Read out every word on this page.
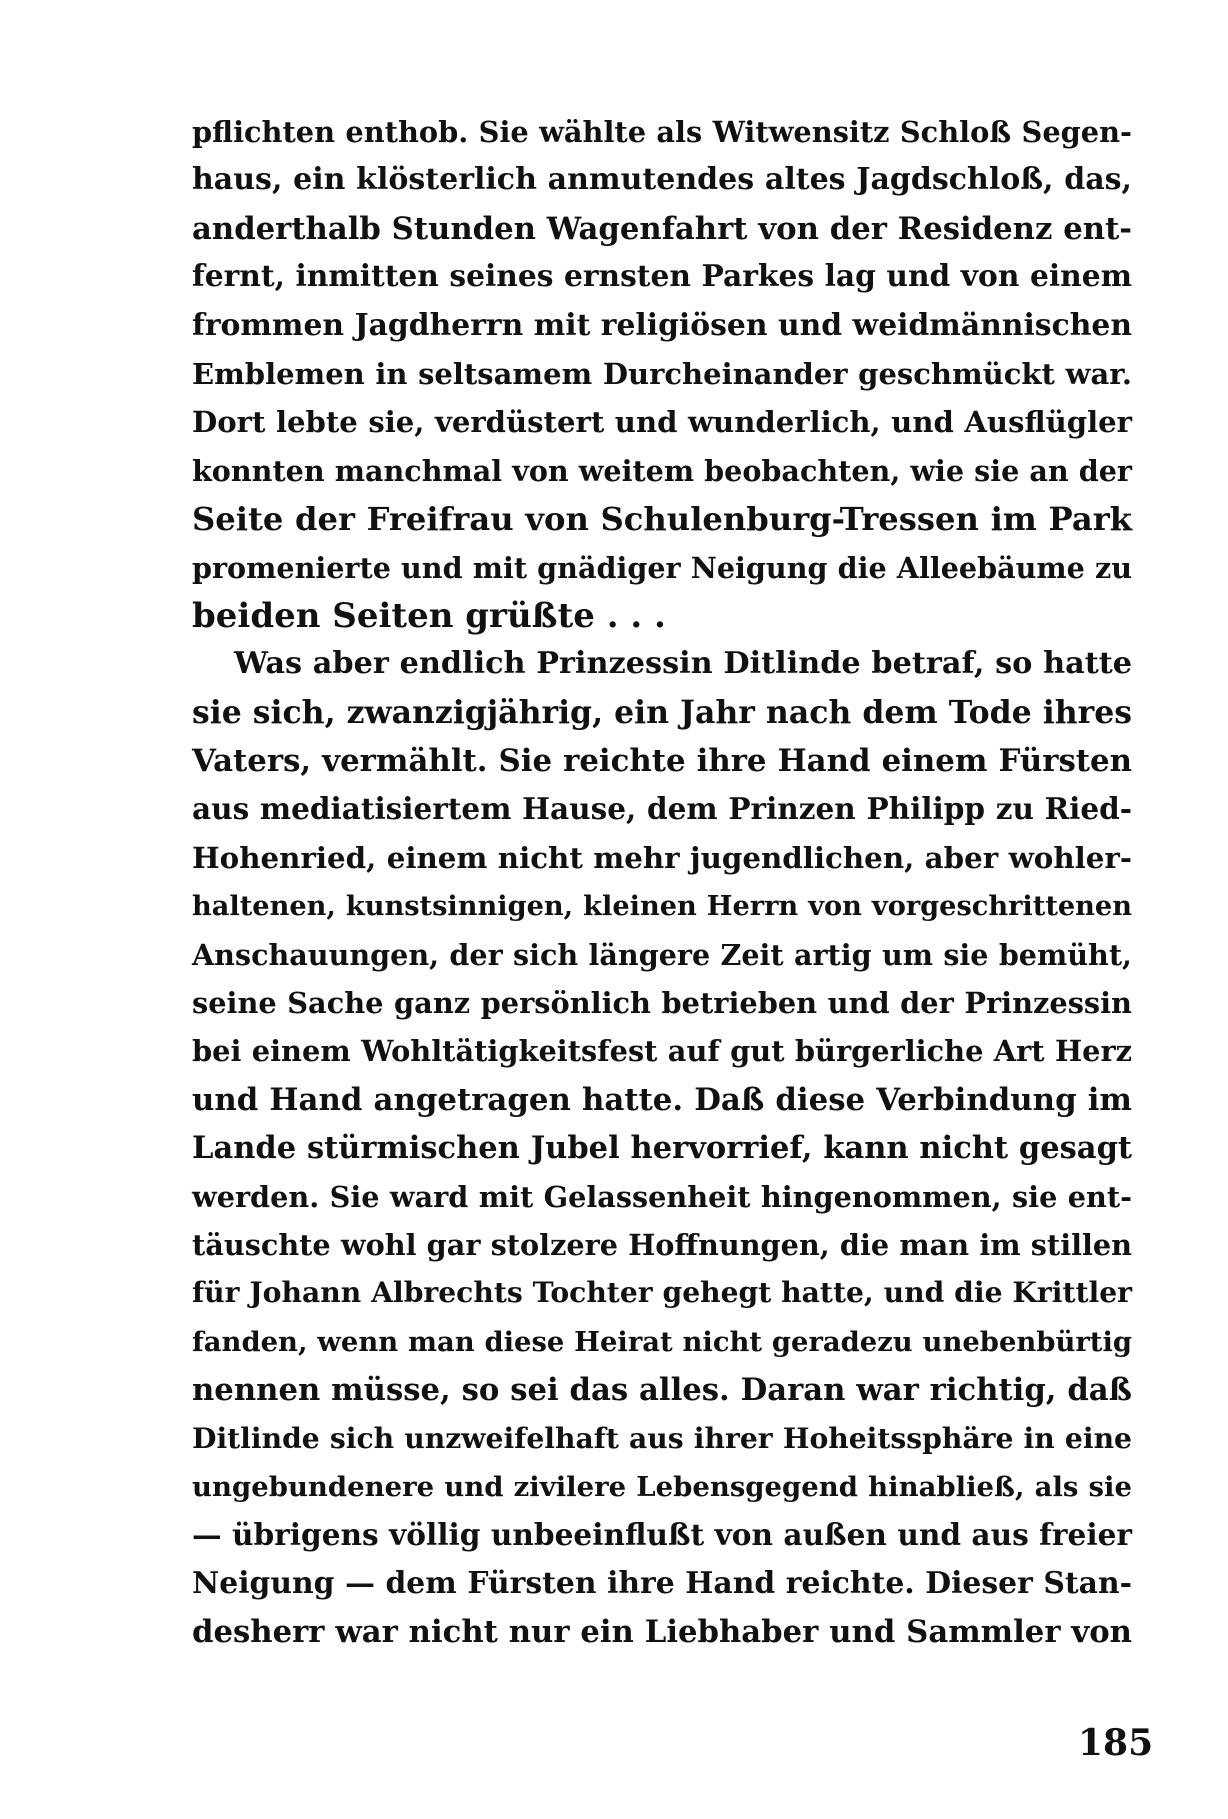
pflichten enthob. Sie wählte als Witwensitz Schloß Segen-
haus, ein klösterlich anmutendes altes Jagdschloß, das,
anderthalb Stunden Wagenfahrt von der Residenz ent-
fernt, inmitten seines ernsten Parkes lag und von einem
frommen Jagdherrn mit religiösen und weidmännischen
Emblemen in seltsamem Durcheinander geschmückt war.
Dort lebte sie, verdüstert und wunderlich, und Ausflügler
konnten manchmal von weitem beobachten, wie sie an der
Seite der Freifrau von Schulenburg-Tressen im Park
promenierte und mit gnädiger Neigung die Alleebäume zu
beiden Seiten grüßte . . .
Was aber endlich Prinzessin Ditlinde betraf, so hatte
sie sich, zwanzigjährig, ein Jahr nach dem Tode ihres
Vaters, vermählt. Sie reichte ihre Hand einem Fürsten
aus mediatisiertem Hause, dem Prinzen Philipp zu Ried-
Hohenried, einem nicht mehr jugendlichen, aber wohler-
haltenen, kunstsinnigen, kleinen Herrn von vorgeschrittenen
Anschauungen, der sich längere Zeit artig um sie bemüht,
seine Sache ganz persönlich betrieben und der Prinzessin
bei einem Wohltätigkeitsfest auf gut bürgerliche Art Herz
und Hand angetragen hatte. Daß diese Verbindung im
Lande stürmischen Jubel hervorrief, kann nicht gesagt
werden. Sie ward mit Gelassenheit hingenommen, sie ent-
täuschte wohl gar stolzere Hoffnungen, die man im stillen
für Johann Albrechts Tochter gehegt hatte, und die Krittler
fanden, wenn man diese Heirat nicht geradezu unebenbürtig
nennen müsse, so sei das alles. Daran war richtig, daß
Ditlinde sich unzweifelhaft aus ihrer Hoheitssphäre in eine
ungebundenere und zivilere Lebensgegend hinabließ, als sie
— übrigens völlig unbeeinflußt von außen und aus freier
Neigung — dem Fürsten ihre Hand reichte. Dieser Stan-
desherr war nicht nur ein Liebhaber und Sammler von
185
